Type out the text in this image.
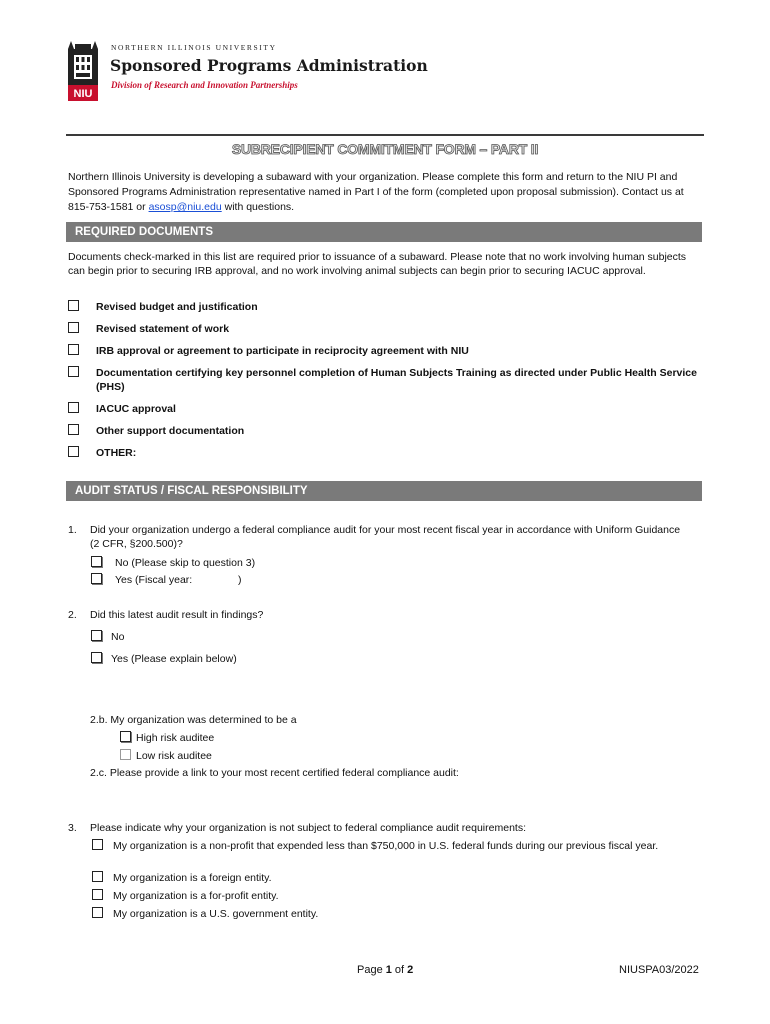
NIU
NORTHERN ILLINOIS UNIVERSITY
Sponsored Programs Administration
Division of Research and Innovation Partnerships
SUBRECIPIENT COMMITMENT FORM – PART II
Northern Illinois University is developing a subaward with your organization. Please complete this form and return to the NIU PI and Sponsored Programs Administration representative named in Part I of the form (completed upon proposal submission). Contact us at 815-753-1581 or asosp@niu.edu with questions.
REQUIRED DOCUMENTS
Documents check-marked in this list are required prior to issuance of a subaward. Please note that no work involving human subjects can begin prior to securing IRB approval, and no work involving animal subjects can begin prior to securing IACUC approval.
Revised budget and justification
Revised statement of work
IRB approval or agreement to participate in reciprocity agreement with NIU
Documentation certifying key personnel completion of Human Subjects Training as directed under Public Health Service (PHS)
IACUC approval
Other support documentation
OTHER:
AUDIT STATUS / FISCAL RESPONSIBILITY
1. Did your organization undergo a federal compliance audit for your most recent fiscal year in accordance with Uniform Guidance (2 CFR, §200.500)?
No (Please skip to question 3)
Yes (Fiscal year:	)
2. Did this latest audit result in findings?
No
Yes (Please explain below)
2.b. My organization was determined to be a
High risk auditee
Low risk auditee
2.c. Please provide a link to your most recent certified federal compliance audit:
3. Please indicate why your organization is not subject to federal compliance audit requirements:
My organization is a non-profit that expended less than $750,000 in U.S. federal funds during our previous fiscal year.
My organization is a foreign entity.
My organization is a for-profit entity.
My organization is a U.S. government entity.
Page 1 of 2	NIUSPA03/2022
